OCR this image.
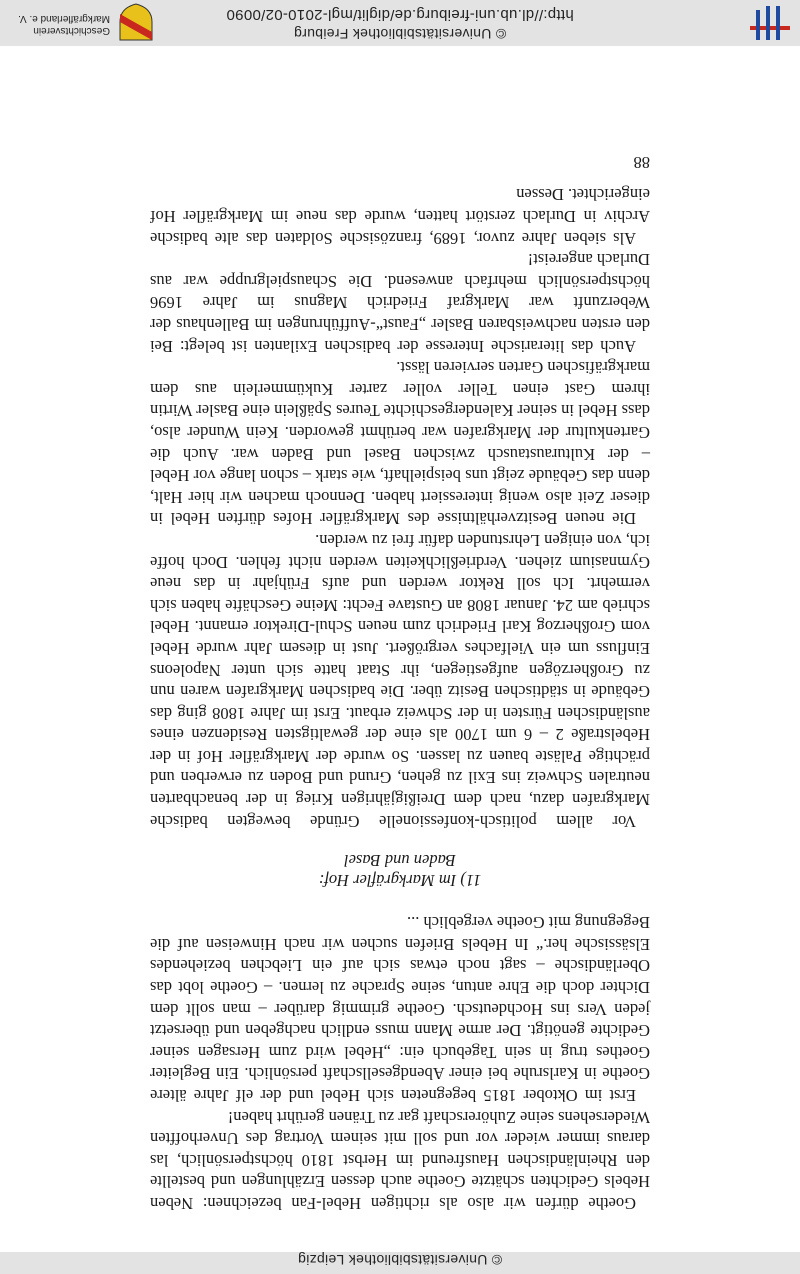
© Universitätsbibliothek Leipzig

Goethe dürfen wir also als richtigen Hebel-Fan bezeichnen: Neben Hebels Gedichten schätzte Goethe auch dessen Erzählungen und bestellte den Rheinländischen Hausfreund im Herbst 1810 höchstpersönlich, las daraus immer wieder vor und soll mit seinem Vortrag des Unverhofften Wiedersehens seine Zuhörerschaft gar zu Tränen gerührt haben!

Erst im Oktober 1815 begegneten sich Hebel und der elf Jahre ältere Goethe in Karlsruhe bei einer Abendgesellschaft persönlich. Ein Begleiter Goethes trug in sein Tagebuch ein: „Hebel wird zum Hersagen seiner Gedichte genötigt. Der arme Mann muss endlich nachgeben und übersetzt jeden Vers ins Hochdeutsch. Goethe grimmig darüber – man sollt dem Dichter doch die Ehre antun, seine Sprache zu lernen. – Goethe lobt das Oberländische – sagt noch etwas sich auf ein Liebchen beziehendes Elsässische her.“ In Hebels Briefen suchen wir nach Hinweisen auf die Begegnung mit Goethe vergeblich ...

11) Im Markgräfler Hof:
Baden und Basel

Vor allem politisch-konfessionelle Gründe bewegten badische Markgrafen dazu, nach dem Dreißigjährigen Krieg in der benachbarten neutralen Schweiz ins Exil zu gehen, Grund und Boden zu erwerben und prächtige Paläste bauen zu lassen. So wurde der Markgräfler Hof in der Hebelstraße 2 – 6 um 1700 als eine der gewaltigsten Residenzen eines ausländischen Fürsten in der Schweiz erbaut. Erst im Jahre 1808 ging das Gebäude in städtischen Besitz über. Die badischen Markgrafen waren nun zu Großherzögen aufgestiegen, ihr Staat hatte sich unter Napoleons Einfluss um ein Vielfaches vergrößert. Just in diesem Jahr wurde Hebel vom Großherzog Karl Friedrich zum neuen Schul-Direktor ernannt. Hebel schrieb am 24. Januar 1808 an Gustave Fecht: Meine Geschäfte haben sich vermehrt. Ich soll Rektor werden und aufs Frühjahr in das neue Gymnasium ziehen. Verdrießlichkeiten werden nicht fehlen. Doch hoffe ich, von einigen Lehrstunden dafür frei zu werden.

Die neuen Besitzverhältnisse des Markgräfler Hofes dürften Hebel in dieser Zeit also wenig interessiert haben. Dennoch machen wir hier Halt, denn das Gebäude zeigt uns beispielhaft, wie stark – schon lange vor Hebel – der Kulturaustausch zwischen Basel und Baden war. Auch die Gartenkultur der Markgrafen war berühmt geworden. Kein Wunder also, dass Hebel in seiner Kalendergeschichte Teures Späßlein eine Basler Wirtin ihrem Gast einen Teller voller zarter Kukümmerlein aus dem markgräfischen Garten servieren lässt.

Auch das literarische Interesse der badischen Exilanten ist belegt: Bei den ersten nachweisbaren Basler „Faust“-Aufführungen im Ballenhaus der Weberzunft war Markgraf Friedrich Magnus im Jahre 1696 höchstpersönlich mehrfach anwesend. Die Schauspielgruppe war aus Durlach angereist!

Als sieben Jahre zuvor, 1689, französische Soldaten das alte badische Archiv in Durlach zerstört hatten, wurde das neue im Markgräfler Hof eingerichtet. Dessen

88
© Universitätsbibliothek Freiburg
http://dl.ub.uni-freiburg.de/diglit/mgl-2010-02/0090
Geschichtsverein
Markgräflerland e. V.
